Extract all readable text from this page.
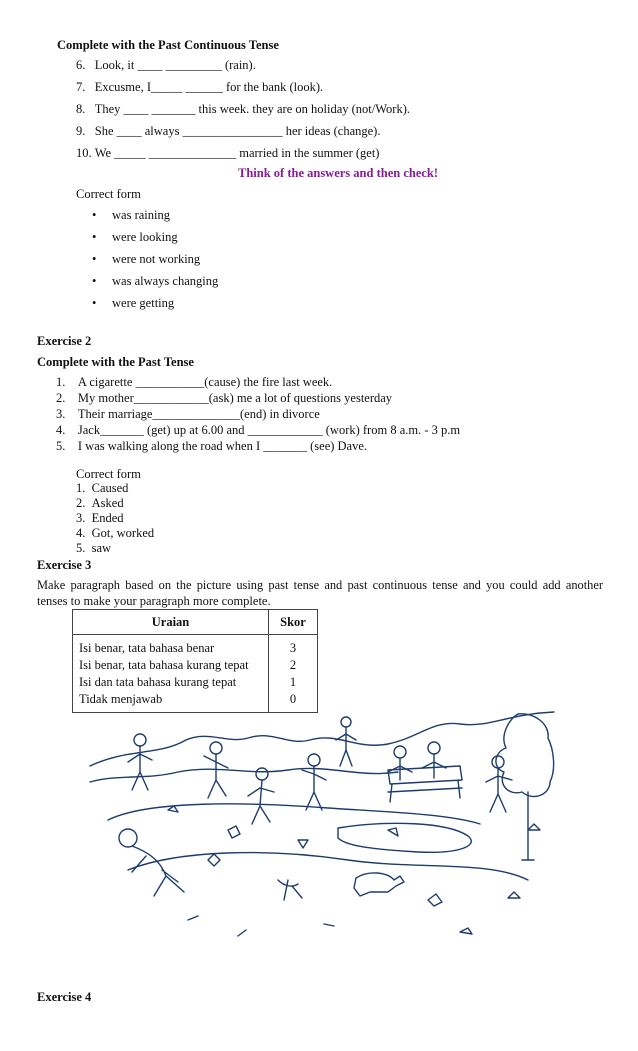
Complete with the Past Continuous Tense
6. Look, it ____ _________ (rain).
7. Excusme, I_____ ______ for the bank (look).
8. They ____ _______ this week. they are on holiday (not/Work).
9. She ____ always ________________ her ideas (change).
10. We _____ ______________ married in the summer (get)
Think of the answers and then check!
Correct form
•     was raining
•     were looking
•     were not working
•     was always changing
•     were getting
Exercise 2
Complete with the Past Tense
1. A cigarette ___________(cause) the fire last week.
2. My mother____________(ask) me a lot of questions yesterday
3. Their marriage______________(end) in divorce
4. Jack_______ (get) up at 6.00 and ____________ (work) from 8 a.m. - 3 p.m
5. I was walking along the road when I _______ (see) Dave.
Correct form
1. Caused
2. Asked
3. Ended
4. Got, worked
5. saw
Exercise 3
Make paragraph based on the picture using past tense and past continuous tense and you could add another
tenses to make your paragraph more complete.
Uraian	Skor
Isi benar, tata bahasa benar	3
Isi benar, tata bahasa kurang tepat	2
Isi dan tata bahasa kurang tepat	1
Tidak menjawab	0
Exercise 4
